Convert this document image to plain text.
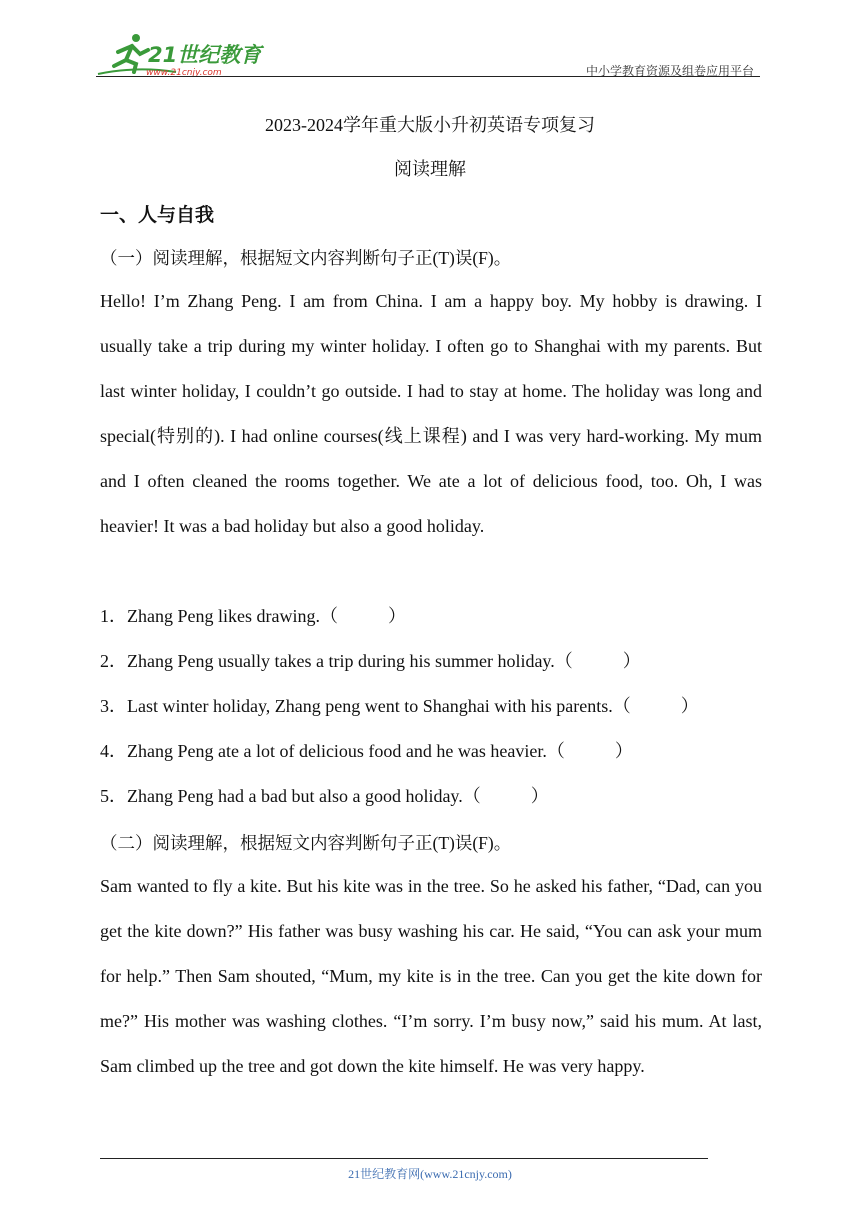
21世纪教育
www.21cnjy.com	中小学教育资源及组卷应用平台
2023-2024学年重大版小升初英语专项复习
阅读理解
一、人与自我
（一）阅读理解，根据短文内容判断句子正(T)误(F)。

Hello! I’m Zhang Peng. I am from China. I am a happy boy. My hobby is drawing. I usually take a trip during my winter holiday. I often go to Shanghai with my parents. But last winter holiday, I couldn’t go outside. I had to stay at home. The holiday was long and special(特别的). I had online courses(线上课程) and I was very hard-working. My mum and I often cleaned the rooms together. We ate a lot of delicious food, too. Oh, I was heavier! It was a bad holiday but also a good holiday.

1．Zhang Peng likes drawing.（	）
2．Zhang Peng usually takes a trip during his summer holiday.（	）
3．Last winter holiday, Zhang peng went to Shanghai with his parents.（	）
4．Zhang Peng ate a lot of delicious food and he was heavier.（	）
5．Zhang Peng had a bad but also a good holiday.（	）
（二）阅读理解，根据短文内容判断句子正(T)误(F)。

Sam wanted to fly a kite. But his kite was in the tree. So he asked his father, “Dad, can you get the kite down?” His father was busy washing his car. He said, “You can ask your mum for help.” Then Sam shouted, “Mum, my kite is in the tree. Can you get the kite down for me?” His mother was washing clothes. “I’m sorry. I’m busy now,” said his mum. At last, Sam climbed up the tree and got down the kite himself. He was very happy.

21世纪教育网(www.21cnjy.com)
